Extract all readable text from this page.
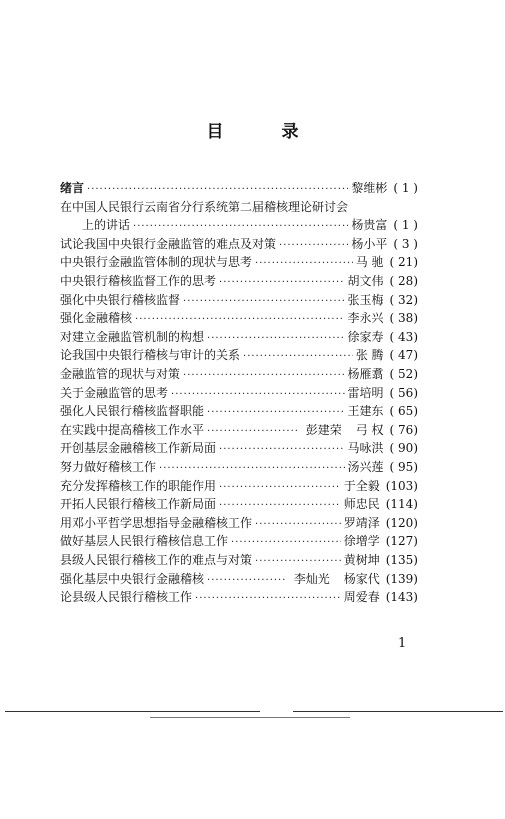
目 录
绪言 ·····	黎维彬 ( 1 )
在中国人民银行云南省分行系统第二届稽核理论研讨会
上的讲话 ·····	杨贵富 ( 1 )
试论我国中央银行金融监管的难点及对策 ·····	杨小平 ( 3 )
中央银行金融监管体制的现状与思考 ·····	马 驰 ( 21)
中央银行稽核监督工作的思考 ·····	胡文伟 ( 28)
强化中央银行稽核监督 ·····	张玉梅 ( 32)
强化金融稽核 ·····	李永兴 ( 38)
对建立金融监管机制的构想 ·····	徐家寿 ( 43)
论我国中央银行稽核与审计的关系 ·····	张 腾 ( 47)
金融监管的现状与对策 ·····	杨雁翥 ( 52)
关于金融监管的思考 ·····	雷培明 ( 56)
强化人民银行稽核监督职能 ·····	王建东 ( 65)
在实践中提高稽核工作水平 ·····	彭建荣 弓 权 ( 76)
开创基层金融稽核工作新局面 ·····	马咏洪 ( 90)
努力做好稽核工作 ·····	汤兴莲 ( 95)
充分发挥稽核工作的职能作用 ·····	于全毅 (103)
开拓人民银行稽核工作新局面 ·····	师忠民 (114)
用邓小平哲学思想指导金融稽核工作 ·····	罗靖泽 (120)
做好基层人民银行稽核信息工作 ·····	徐增学 (127)
县级人民银行稽核工作的难点与对策 ·····	黄树坤 (135)
强化基层中央银行金融稽核 ·····	李灿光 杨家代 (139)
论县级人民银行稽核工作 ·····	周爱春 (143)
1
